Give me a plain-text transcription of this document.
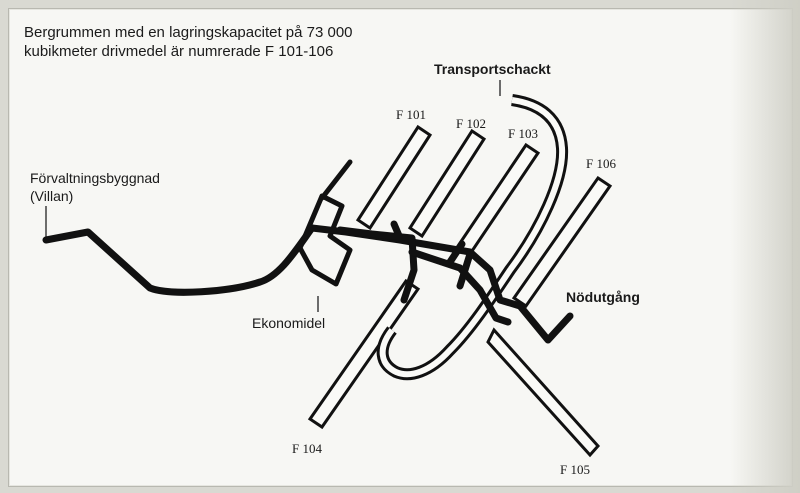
Bergrummen med en lagringskapacitet på 73 000
kubikmeter drivmedel är numrerade F 101-106
Förvaltningsbyggnad
(Villan)
Ekonomidel
Transportschackt
Nödutgång
F 101
F 102
F 103
F 106
F 104
F 105
